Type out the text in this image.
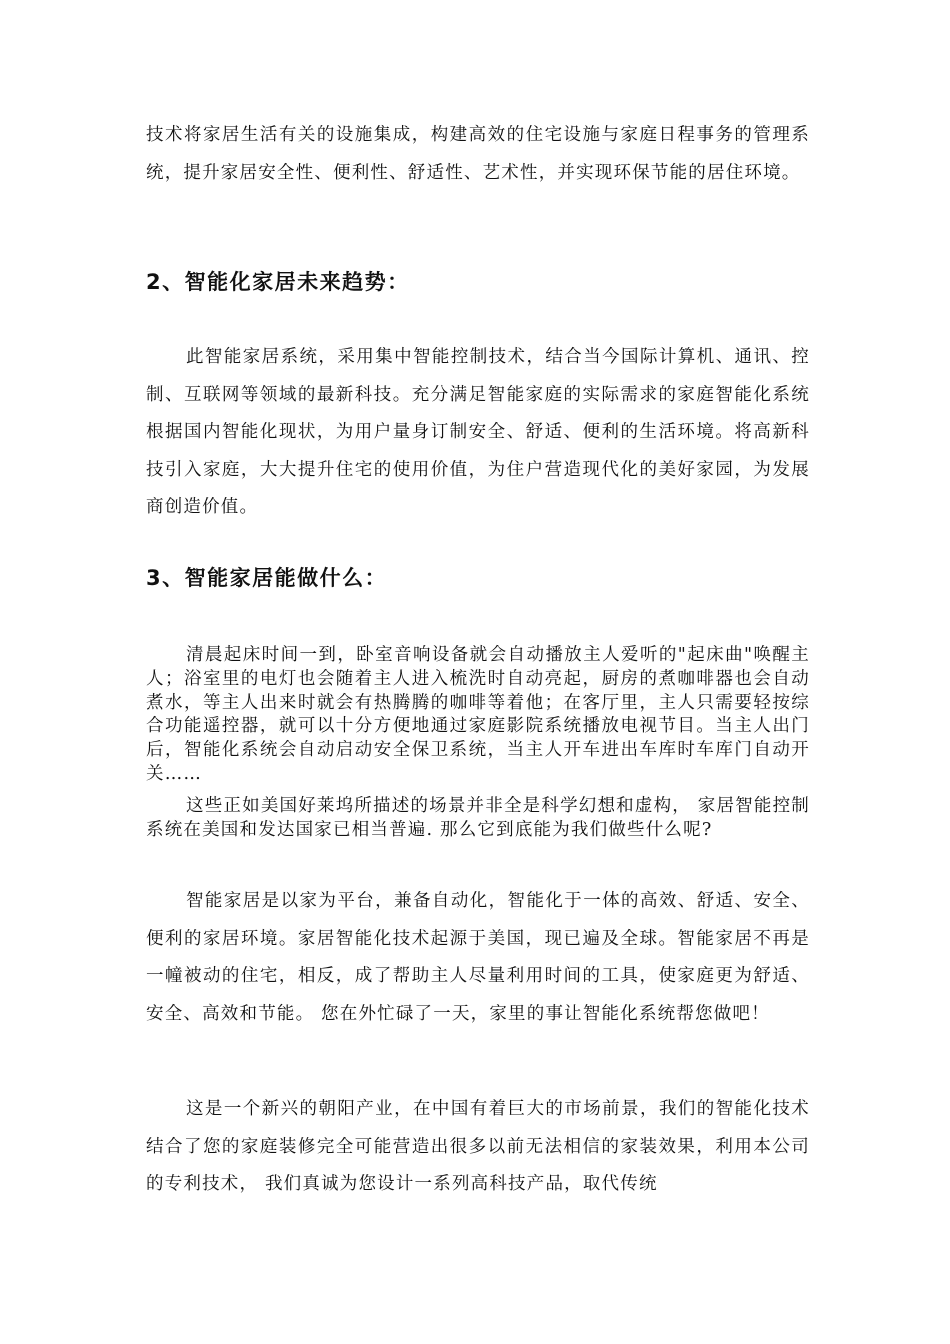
技术将家居生活有关的设施集成，构建高效的住宅设施与家庭日程事务的管理系统，提升家居安全性、便利性、舒适性、艺术性，并实现环保节能的居住环境。

2、智能化家居未来趋势：

此智能家居系统，采用集中智能控制技术，结合当今国际计算机、通讯、控制、互联网等领域的最新科技。充分满足智能家庭的实际需求的家庭智能化系统根据国内智能化现状，为用户量身订制安全、舒适、便利的生活环境。将高新科技引入家庭，大大提升住宅的使用价值，为住户营造现代化的美好家园，为发展商创造价值。

3、智能家居能做什么：

清晨起床时间一到，卧室音响设备就会自动播放主人爱听的"起床曲"唤醒主人；浴室里的电灯也会随着主人进入梳洗时自动亮起，厨房的煮咖啡器也会自动煮水，等主人出来时就会有热腾腾的咖啡等着他；在客厅里，主人只需要轻按综合功能遥控器，就可以十分方便地通过家庭影院系统播放电视节目。当主人出门后，智能化系统会自动启动安全保卫系统，当主人开车进出车库时车库门自动开关……

这些正如美国好莱坞所描述的场景并非全是科学幻想和虚构， 家居智能控制系统在美国和发达国家已相当普遍. 那么它到底能为我们做些什么呢?

智能家居是以家为平台，兼备自动化，智能化于一体的高效、舒适、安全、便利的家居环境。家居智能化技术起源于美国，现已遍及全球。智能家居不再是一幢被动的住宅，相反，成了帮助主人尽量利用时间的工具，使家庭更为舒适、安全、高效和节能。 您在外忙碌了一天，家里的事让智能化系统帮您做吧！

这是一个新兴的朝阳产业，在中国有着巨大的市场前景，我们的智能化技术结合了您的家庭装修完全可能营造出很多以前无法相信的家装效果，利用本公司的专利技术， 我们真诚为您设计一系列高科技产品，取代传统
